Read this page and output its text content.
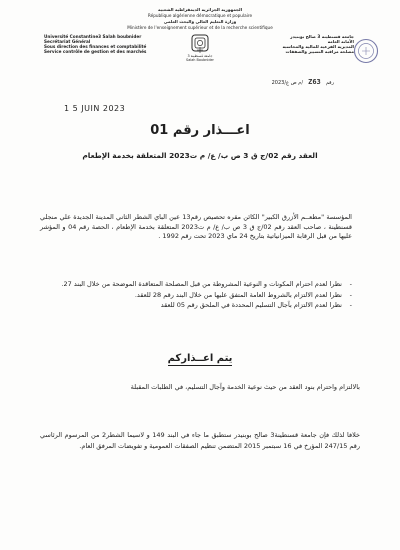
الجمهورية الجزائرية الديمقراطية الشعبية
République algérienne démocratique et populaire
وزارة التعليم العالي والبحث العلمي
Ministère de l'enseignement supérieur et de la recherche scientifique
Université Constantine3 Salah boubnider
Secrétariat Général
Sous direction des finances et comptabilité
Service contrôle de gestion et des marchés
جامعة قسنطينة 3
Salah Boubnider
جامعة قسنطينة 3 صالح بوبنيدر
الأمانة العامة
المديرية الفرعية للمالية والمحاسبة
مصلحة مراقبة التسيير والصفقات
رقم Z63 /م ص ع/2023
1 5 JUIN 2023
اعـــذار رقم 01
العقد رقم 02/ج ق 3 ص ب/ ع/ م ت2023 المتعلقة بخدمة الإطعام
المؤسسة "مطعــم الأزرق الكبير" الكائن مقره تحصيص رقم13 عين الباي الشطر الثاني المدينة الجديدة علي منجلي قسنطينة ، صاحب العقد رقم 02/ج ق 3 ص ب/ ع/ م ت2023 المتعلقة بخدمة الإطعام ، الحصة رقم 04 و المؤشر عليها من قبل الرقابة الميزانياتية بتاريخ 24 ماي 2023 تحت رقم 1992 .
-
نظرا لعدم احترام المكونات و النوعية المشروطة من قبل المصلحة المتعاقدة الموضحة من خلال البند 27.
-
نظرا لعدم الالتزام بالشروط العامة المتفق عليها من خلال البند رقم 28 للعقد.
-
نظرا لعدم الالتزام بآجال التسليم المحددة في الملحق رقم 05 للعقد
يتم اعــذاركم
بالالتزام واحترام بنود العقد من حيث نوعية الخدمة وآجال التسليم، في الطلبات المقبلة
خلافا لذلك فإن جامعة قسنطينة3 صالح بوبنيدر ستطبق ما جاء في البند 149 و لاسيما الشطر2 من المرسوم الرئاسي رقم 247/15 المؤرخ في 16 سبتمبر 2015 المتضمن تنظيم الصفقات العمومية و تفويضات المرفق العام.
